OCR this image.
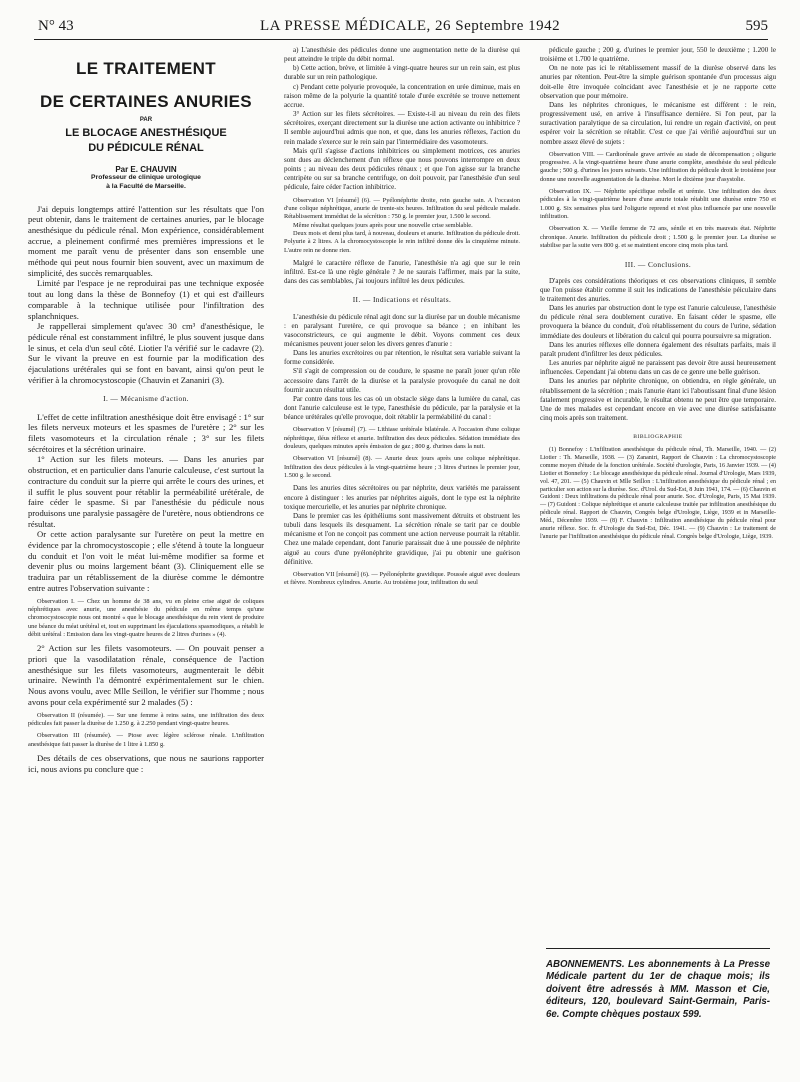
N° 43	LA PRESSE MÉDICALE, 26 Septembre 1942	595
LE TRAITEMENT
DE CERTAINES ANURIES
PAR
LE BLOCAGE ANESTHÉSIQUE
DU PÉDICULE RÉNAL
Par E. CHAUVIN
Professeur de clinique urologique
à la Faculté de Marseille.

J'ai depuis longtemps attiré l'attention sur les résultats que l'on peut obtenir, dans le traitement de certaines anuries, par le blocage anesthésique du pédicule rénal. Mon expérience, considérablement accrue, a pleinement confirmé mes premières impressions et le moment me paraît venu de présenter dans son ensemble une méthode qui peut nous fournir bien souvent, avec un maximum de simplicité, des succès remarquables.

Limité par l'espace je ne reproduirai pas une technique exposée tout au long dans la thèse de Bonnefoy (1) et qui est d'ailleurs comparable à la technique utilisée pour l'infiltration des splanchniques.

Je rappellerai simplement qu'avec 30 cm³ d'anesthésique, le pédicule rénal est constamment infiltré, le plus souvent jusque dans le sinus, et cela d'un seul côté. Liotier l'a vérifié sur le cadavre (2). Sur le vivant la preuve en est fournie par la modification des éjaculations urétérales qui se font en bavant, ainsi qu'on peut le vérifier à la chromocystoscopie (Chauvin et Zananiri (3).

I. — Mécanisme d'action.

L'effet de cette infiltration anesthésique doit être envisagé : 1° sur les filets nerveux moteurs et les spasmes de l'uretère ; 2° sur les filets vasomoteurs et la circulation rénale ; 3° sur les filets sécrétoires et la sécrétion urinaire.

1° Action sur les filets moteurs. — Dans les anuries par obstruction, et en particulier dans l'anurie calculeuse, c'est surtout la contracture du conduit sur la pierre qui arrête le cours des urines, et il suffit le plus souvent pour rétablir la perméabilité urétérale, de faire céder le spasme. Si par l'anesthésie du pédicule nous produisons une paralysie passagère de l'uretère, nous obtiendrons ce résultat.

Or cette action paralysante sur l'uretère on peut la mettre en évidence par la chromocystoscopie ; elle s'étend à toute la longueur du conduit et l'on voit le méat lui-même modifier sa forme et devenir plus ou moins largement béant (3). Cliniquement elle se traduira par un rétablissement de la diurèse comme le démontre entre autres l'observation suivante :

Observation I. — Chez un homme de 38 ans, vu en pleine crise aiguë de coliques néphrétiques avec anurie, une anesthésie du pédicule en même temps qu'une chromocystoscopie nous ont montré « que le blocage anesthésique du rein vient de produire une béance du méat urétéral et, tout en supprimant les éjaculations spasmodiques, a rétabli le débit urétéral : Emission dans les vingt-quatre heures de 2 litres d'urines » (4).

2° Action sur les filets vasomoteurs. — On pouvait penser a priori que la vasodilatation rénale, conséquence de l'action anesthésique sur les filets vasomoteurs, augmenterait le débit urinaire. Newinth l'a démontré expérimentalement sur le chien. Nous avons voulu, avec Mlle Seillon, le vérifier sur l'homme ; nous avons pour cela expérimenté sur 2 malades (5) :

Observation II (résumée). — Sur une femme à reins sains, une infiltration des deux pédicules fait passer la diurèse de 1.250 g. à 2.250 pendant vingt-quatre heures.

Observation III (résumée). — Ptose avec légère sclérose rénale. L'infiltration anesthésique fait passer la diurèse de 1 litre à 1.850 g.

Des détails de ces observations, que nous ne saurions rapporter ici, nous avions pu conclure que :

a) L'anesthésie des pédicules donne une augmentation nette de la diurèse qui peut atteindre le triple du débit normal.

b) Cette action, brève, et limitée à vingt-quatre heures sur un rein sain, est plus durable sur un rein pathologique.

c) Pendant cette polyurie provoquée, la concentration en urée diminue, mais en raison même de la polyurie la quantité totale d'urée excrétée se trouve nettement accrue.

3° Action sur les filets sécrétoires. — Existe-t-il au niveau du rein des filets sécrétoires, exerçant directement sur la diurèse une action activante ou inhibitrice ? Il semble aujourd'hui admis que non, et que, dans les anuries réflexes, l'action du rein malade s'exerce sur le rein sain par l'intermédiaire des vasomoteurs.

Mais qu'il s'agisse d'actions inhibitrices ou simplement motrices, ces anuries sont dues au déclenchement d'un réflexe que nous pouvons interrompre en deux points ; au niveau des deux pédicules rénaux ; et que l'on agisse sur la branche centripète ou sur sa branche centrifuge, on doit pouvoir, par l'anesthésie d'un seul pédicule, faire céder l'action inhibitrice.

Observation VI [résumé] (6). — Pyélonéphrite droite, rein gauche sain. A l'occasion d'une colique néphrétique, anurie de trente-six heures. Infiltration du seul pédicule malade. Rétablissement immédiat de la sécrétion : 750 g. le premier jour, 1.500 le second.

Même résultat quelques jours après pour une nouvelle crise semblable.

Deux mois et demi plus tard, à nouveau, douleurs et anurie. Infiltration du pédicule droit. Polyurie à 2 litres. A la chromocystoscopie le rein infiltré donne dès la cinquième minute. L'autre rein ne donne rien.

Malgré le caractère réflexe de l'anurie, l'anesthésie n'a agi que sur le rein infiltré. Est-ce là une règle générale ? Je ne saurais l'affirmer, mais par la suite, dans des cas semblables, j'ai toujours infiltré les deux pédicules.

II. — Indications et résultats.

L'anesthésie du pédicule rénal agit donc sur la diurèse par un double mécanisme : en paralysant l'uretère, ce qui provoque sa béance ; en inhibant les vasoconstricteurs, ce qui augmente le débit. Voyons comment ces deux mécanismes peuvent jouer selon les divers genres d'anurie :

Dans les anuries excrétoires ou par rétention, le résultat sera variable suivant la forme considérée.

S'il s'agit de compression ou de coudure, le spasme ne paraît jouer qu'un rôle accessoire dans l'arrêt de la diurèse et la paralysie provoquée du canal ne doit fournir aucun résultat utile.

Par contre dans tous les cas où un obstacle siège dans la lumière du canal, cas dont l'anurie calculeuse est le type, l'anesthésie du pédicule, par la paralysie et la béance urétérales qu'elle provoque, doit rétablir la perméabilité du canal :

Observation V [résumé] (7). — Lithiase urétérale bilatérale. A l'occasion d'une colique néphrétique, iléus réflexe et anurie. Infiltration des deux pédicules. Sédation immédiate des douleurs, quelques minutes après émission de gaz ; 800 g. d'urines dans la nuit.

Observation VI [résumé] (8). — Anurie deux jours après une colique néphrétique. Infiltration des deux pédicules à la vingt-quatrième heure ; 3 litres d'urines le premier jour, 1.500 g. le second.

Dans les anuries dites sécrétoires ou par néphrite, deux variétés me paraissent encore à distinguer : les anuries par néphrites aiguës, dont le type est la néphrite toxique mercurielle, et les anuries par néphrite chronique.

Dans le premier cas les épithéliums sont massivement détruits et obstruent les tubuli dans lesquels ils desquament. La sécrétion rénale se tarit par ce double mécanisme et l'on ne conçoit pas comment une action nerveuse pourrait la rétablir. Chez une malade cependant, dont l'anurie paraissait due à une poussée de néphrite aiguë au cours d'une pyélonéphrite gravidique, j'ai pu obtenir une guérison définitive.

Observation VII [résumé] (6). — Pyélonéphrite gravidique. Poussée aiguë avec douleurs et fièvre. Nombreux cylindres. Anurie. Au troisième jour, infiltration du seul

pédicule gauche ; 200 g. d'urines le premier jour, 550 le deuxième ; 1.200 le troisième et 1.700 le quatrième.

On ne note pas ici le rétablissement massif de la diurèse observé dans les anuries par rétention. Peut-être la simple guérison spontanée d'un processus aigu doit-elle être invoquée coïncidant avec l'anesthésie et je ne rapporte cette observation que pour mémoire.

Dans les néphrites chroniques, le mécanisme est différent : le rein, progressivement usé, en arrive à l'insuffisance dernière. Si l'on peut, par la suractivation paralytique de sa circulation, lui rendre un regain d'activité, on peut espérer voir la sécrétion se rétablir. C'est ce que j'ai vérifié aujourd'hui sur un nombre assez élevé de sujets :

Observation VIII. — Cardiorénale grave arrivée au stade de décompensation ; oligurie progressive. A la vingt-quatrième heure d'une anurie complète, anesthésie du seul pédicule gauche ; 500 g. d'urines les jours suivants. Une infiltration du pédicule droit le troisième jour donne une nouvelle augmentation de la diurèse. Mort le dixième jour d'asystolie.

Observation IX. — Néphrite spécifique rebelle et urémie. Une infiltration des deux pédicules à la vingt-quatrième heure d'une anurie totale rétablit une diurèse entre 750 et 1.000 g. Six semaines plus tard l'oligurie reprend et n'est plus influencée par une nouvelle infiltration.

Observation X. — Vieille femme de 72 ans, sénile et en très mauvais état. Néphrite chronique. Anurie. Infiltration du pédicule droit ; 1.500 g. le premier jour. La diurèse se stabilise par la suite vers 800 g. et se maintient encore cinq mois plus tard.

III. — Conclusions.

D'après ces considérations théoriques et ces observations cliniques, il semble que l'on puisse établir comme il suit les indications de l'anesthésie péiculaire dans le traitement des anuries.

Dans les anuries par obstruction dont le type est l'anurie calculeuse, l'anesthésie du pédicule rénal sera doublement curative. En faisant céder le spasme, elle provoquera la béance du conduit, d'où rétablissement du cours de l'urine, sédation immédiate des douleurs et libération du calcul qui pourra poursuivre sa migration.

Dans les anuries réflexes elle donnera également des résultats parfaits, mais il paraît prudent d'infiltrer les deux pédicules.

Les anuries par néphrite aiguë ne paraissent pas devoir être aussi heureusement influencées. Cependant j'ai obtenu dans un cas de ce genre une belle guérison.

Dans les anuries par néphrite chronique, on obtiendra, en règle générale, un rétablissement de la sécrétion ; mais l'anurie étant ici l'aboutissant final d'une lésion fatalement progressive et incurable, le résultat obtenu ne peut être que temporaire. Une de mes malades est cependant encore en vie avec une diurèse satisfaisante cinq mois après son traitement.

BIBLIOGRAPHIE

(1) Bonnefoy : L'infiltration anesthésique du pédicule rénal, Th. Marseille, 1940. — (2) Liotier : Th. Marseille, 1938. — (3) Zananiri, Rapport de Chauvin : La chromocystoscopie comme moyen d'étude de la fonction urétérale. Société d'urologie, Paris, 16 Janvier 1939. — (4) Liotier et Bonnefoy : Le blocage anesthésique du pédicule rénal. Journal d'Urologie, Mars 1939, vol. 47, 201. — (5) Chauvin et Mlle Seillon : L'infiltration anesthésique du pédicule rénal ; en particulier son action sur la diurèse. Soc. d'Urol. du Sud-Est, 8 Juin 1941, 174. — (6) Chauvin et Guidoni : Deux infiltrations du pédicule rénal pour anurie. Soc. d'Urologie, Paris, 15 Mai 1939. — (7) Guidoni : Colique néphrétique et anurie calculeuse traitée par infiltration anesthésique du pédicule rénal. Rapport de Chauvin, Congrès belge d'Urologie, Liège, 1939 et in Marseille-Méd., Décembre 1939. — (8) F. Chauvin : Infiltration anesthésique du pédicule rénal pour anurie réflexe. Soc. fr. d'Urologie du Sud-Est, Déc. 1941. — (9) Chauvin : Le traitement de l'anurie par l'infiltration anesthésique du pédicule rénal. Congrès belge d'Urologie, Liège, 1939.

ABONNEMENTS. Les abonnements à La Presse Médicale partent du 1er de chaque mois; ils doivent être adressés à MM. Masson et Cie, éditeurs, 120, boulevard Saint-Germain, Paris-6e. Compte chèques postaux 599.
